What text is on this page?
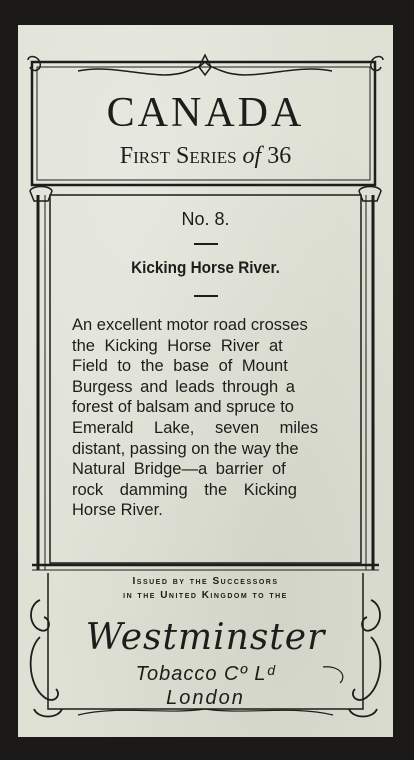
CANADA

First Series of 36

No. 8.

Kicking Horse River.

An excellent motor road crosses
the Kicking Horse River at
Field to the base of Mount
Burgess and leads through a
forest of balsam and spruce to
Emerald Lake, seven miles
distant, passing on the way the
Natural Bridge—a barrier of
rock damming the Kicking
Horse River.

Issued by the Successors
in the United Kingdom to the

Westminster

Tobacco Cº Lᵈ

London
